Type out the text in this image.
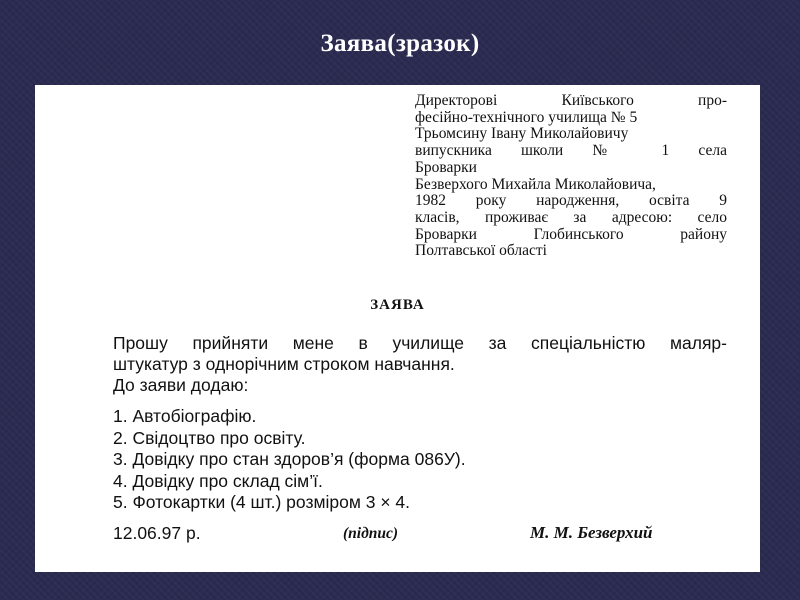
Заява(зразок)
Директорові Київського про-
фесійно-технічного училища № 5
Трьомсину Івану Миколайовичу
випускника школи № 1 села
Броварки
Безверхого Михайла Миколайовича,
1982 року народження, освіта 9
класів, проживає за адресою: село
Броварки Глобинського району
Полтавської області
ЗАЯВА
Прошу прийняти мене в училище за спеціальністю маляр-
штукатур з однорічним строком навчання.
До заяви додаю:
1. Автобіографію.
2. Свідоцтво про освіту.
3. Довідку про стан здоров’я (форма 086У).
4. Довідку про склад сім’ї.
5. Фотокартки (4 шт.) розміром 3 × 4.
12.06.97 р.	(підпис)	М. М. Безверхий
